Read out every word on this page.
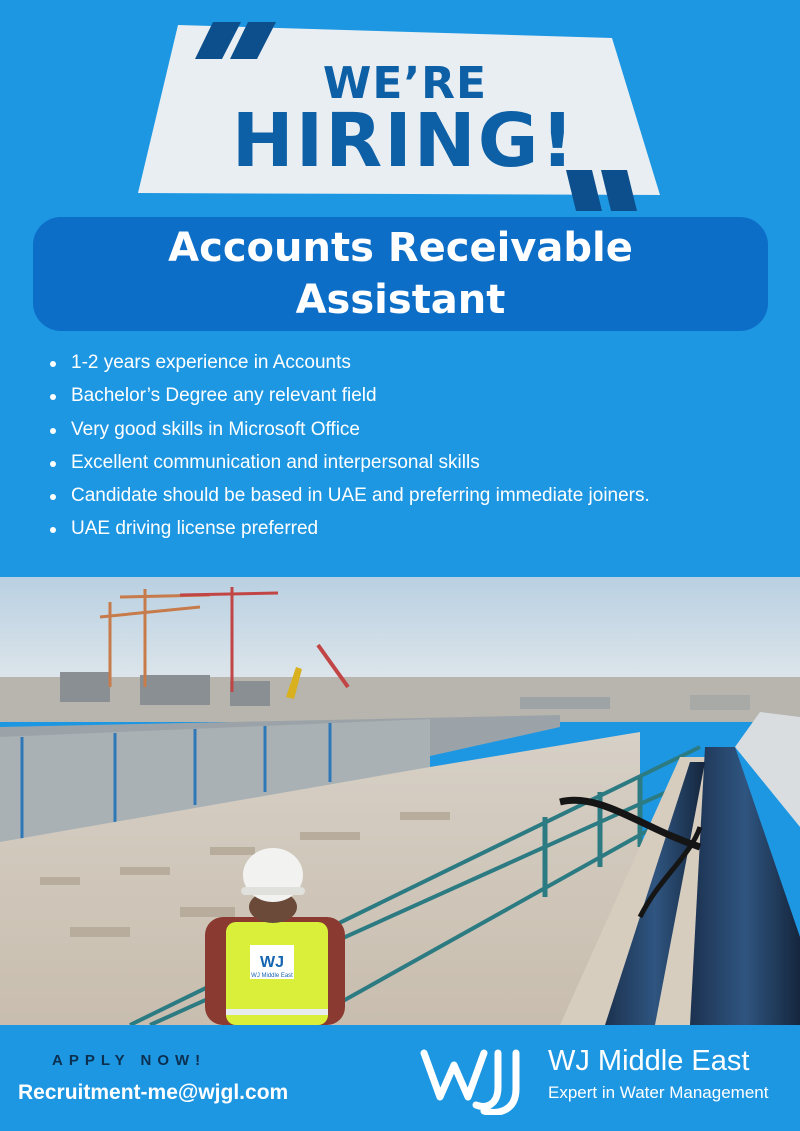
WE’RE
HIRING!
Accounts Receivable
Assistant
1-2 years experience in Accounts
Bachelor’s Degree any relevant field
Very good skills in Microsoft Office
Excellent communication and interpersonal skills
Candidate should be based in UAE and preferring immediate joiners.
UAE driving license preferred
WJ
WJ Middle East
APPLY NOW!
Recruitment-me@wjgl.com
WJ Middle East
Expert in Water Management
